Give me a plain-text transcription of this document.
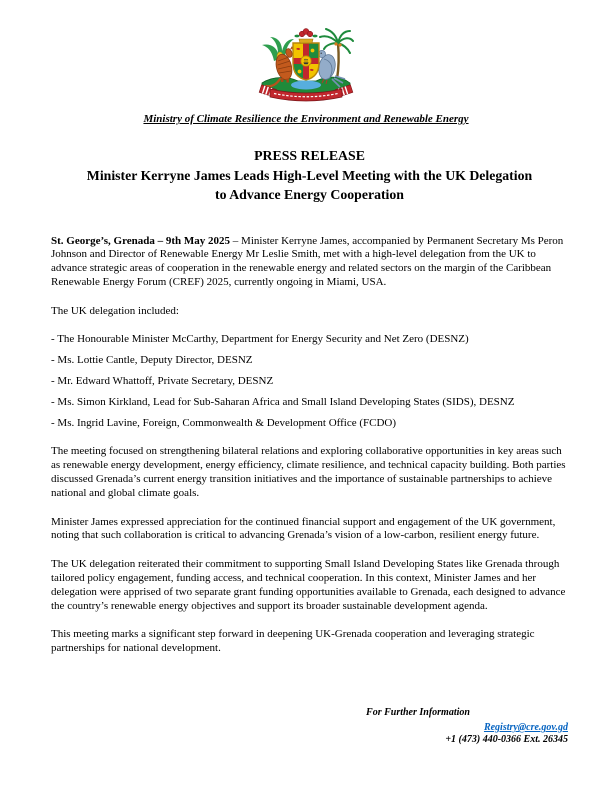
Ministry of Climate Resilience the Environment and Renewable Energy
PRESS RELEASE
Minister Kerryne James Leads High-Level Meeting with the UK Delegation
to Advance Energy Cooperation

St. George’s, Grenada – 9th May 2025 – Minister Kerryne James, accompanied by Permanent Secretary Ms Peron Johnson and Director of Renewable Energy Mr Leslie Smith, met with a high-level delegation from the UK to advance strategic areas of cooperation in the renewable energy and related sectors on the margin of the Caribbean Renewable Energy Forum (CREF) 2025, currently ongoing in Miami, USA.

The UK delegation included:

- The Honourable Minister McCarthy, Department for Energy Security and Net Zero (DESNZ)
- Ms. Lottie Cantle, Deputy Director, DESNZ
- Mr. Edward Whattoff, Private Secretary, DESNZ
- Ms. Simon Kirkland, Lead for Sub-Saharan Africa and Small Island Developing States (SIDS), DESNZ
- Ms. Ingrid Lavine, Foreign, Commonwealth & Development Office (FCDO)

The meeting focused on strengthening bilateral relations and exploring collaborative opportunities in key areas such as renewable energy development, energy efficiency, climate resilience, and technical capacity building. Both parties discussed Grenada’s current energy transition initiatives and the importance of sustainable partnerships to achieve national and global climate goals.

Minister James expressed appreciation for the continued financial support and engagement of the UK government, noting that such collaboration is critical to advancing Grenada’s vision of a low-carbon, resilient energy future.

The UK delegation reiterated their commitment to supporting Small Island Developing States like Grenada through tailored policy engagement, funding access, and technical cooperation. In this context, Minister James and her delegation were apprised of two separate grant funding opportunities available to Grenada, each designed to advance the country’s renewable energy objectives and support its broader sustainable development agenda.

This meeting marks a significant step forward in deepening UK-Grenada cooperation and leveraging strategic partnerships for national development.

For Further Information
Registry@cre.gov.gd
+1 (473) 440-0366 Ext. 26345
